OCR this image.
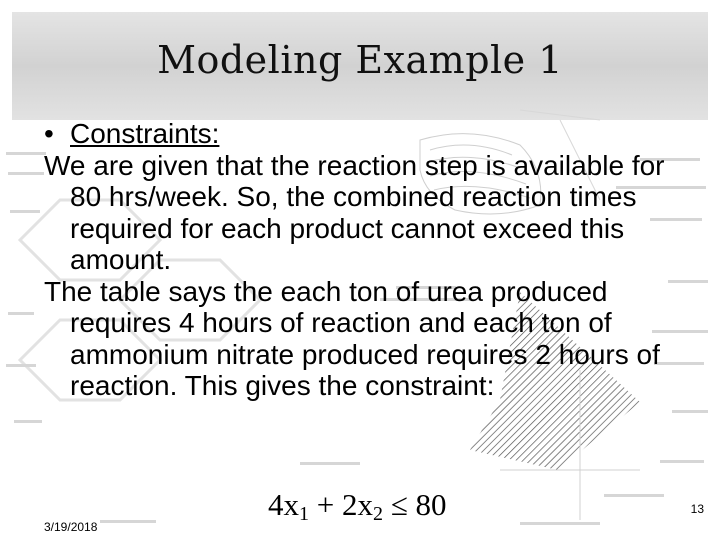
Modeling Example 1
• Constraints:
We are given that the reaction step is available for 80 hrs/week. So, the combined reaction times required for each product cannot exceed this amount.
The table says the each ton of urea produced requires 4 hours of reaction and each ton of ammonium nitrate produced requires 2 hours of reaction. This gives the constraint:
$4x_1 + 2x_2 \le 80$
3/19/2018
13
